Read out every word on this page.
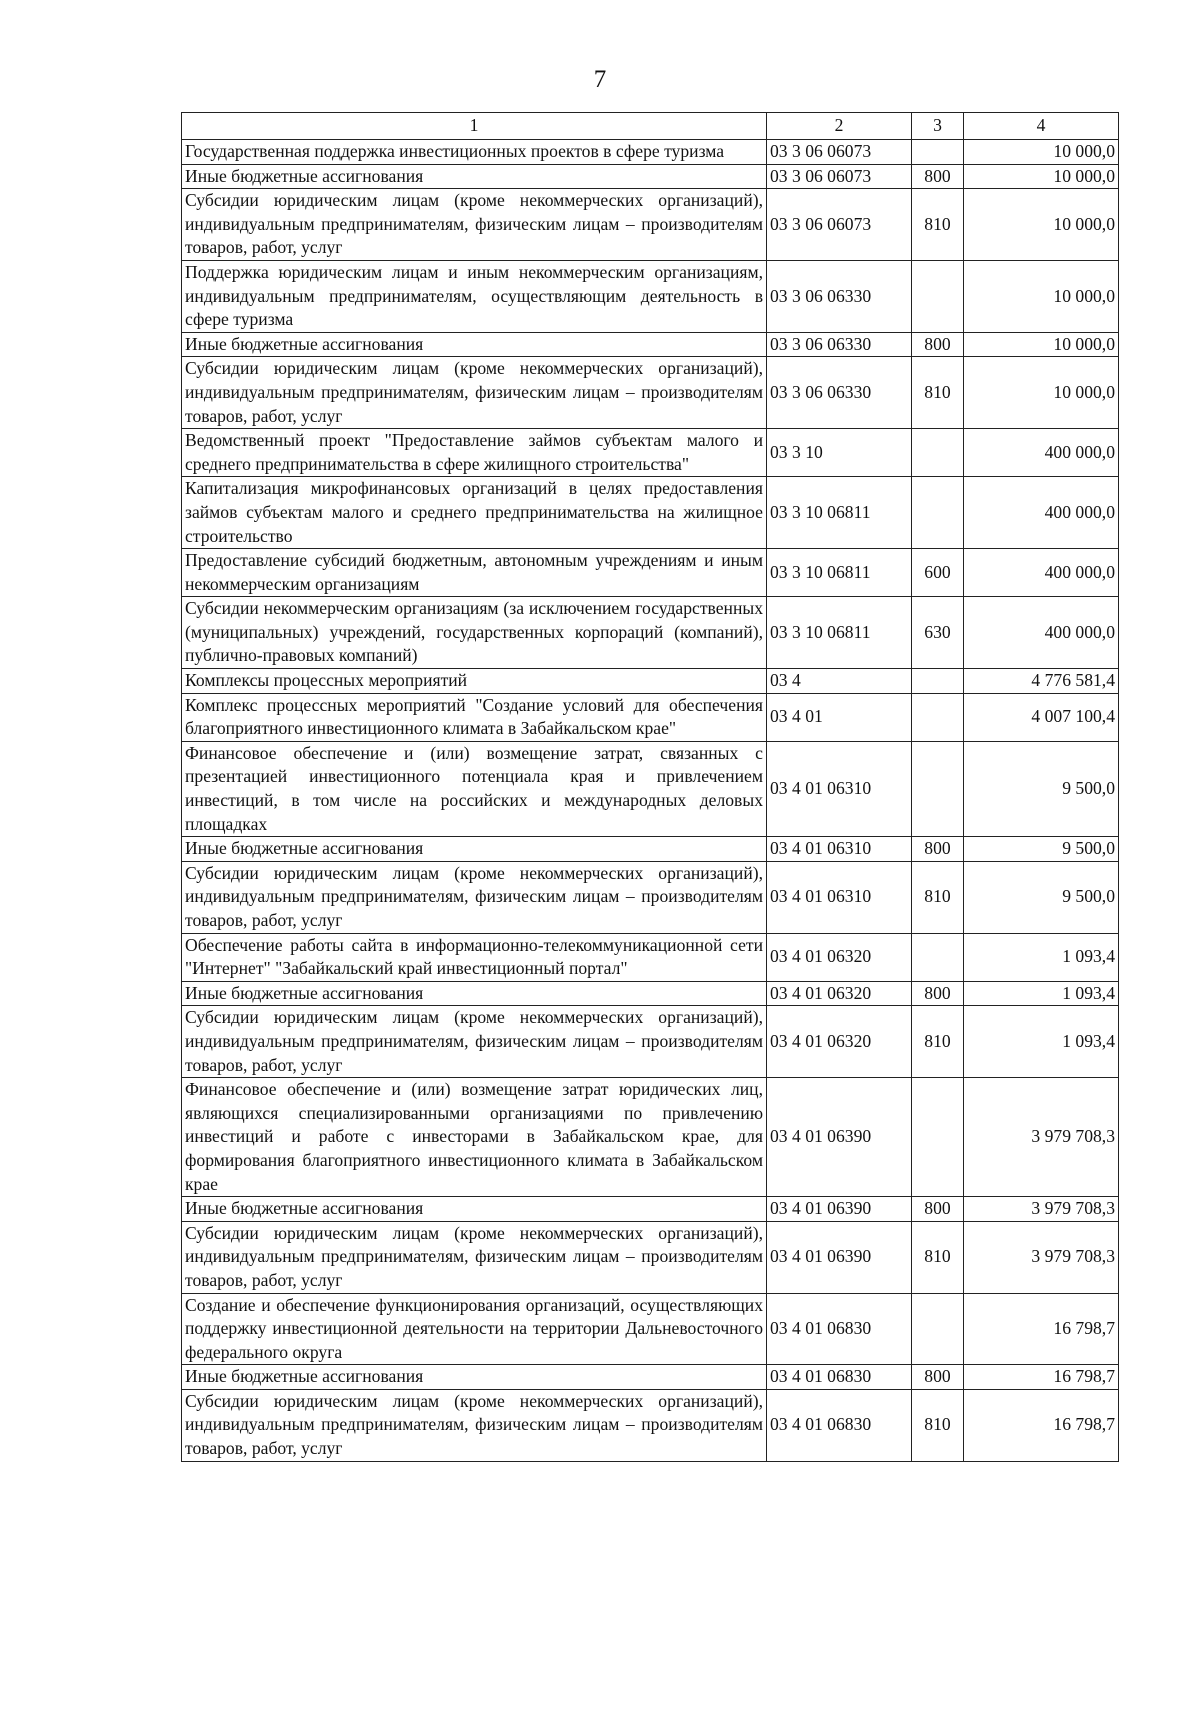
7
1	2	3	4
Государственная поддержка инвестиционных проектов в сфере туризма	03 3 06 06073		10 000,0
Иные бюджетные ассигнования	03 3 06 06073	800	10 000,0
Субсидии юридическим лицам (кроме некоммерческих организаций), индивидуальным предпринимателям, физическим лицам – производителям товаров, работ, услуг	03 3 06 06073	810	10 000,0
Поддержка юридическим лицам и иным некоммерческим организациям, индивидуальным предпринимателям, осуществляющим деятельность в сфере туризма	03 3 06 06330		10 000,0
Иные бюджетные ассигнования	03 3 06 06330	800	10 000,0
Субсидии юридическим лицам (кроме некоммерческих организаций), индивидуальным предпринимателям, физическим лицам – производителям товаров, работ, услуг	03 3 06 06330	810	10 000,0
Ведомственный проект "Предоставление займов субъектам малого и среднего предпринимательства в сфере жилищного строительства"	03 3 10		400 000,0
Капитализация микрофинансовых организаций в целях предоставления займов субъектам малого и среднего предпринимательства на жилищное строительство	03 3 10 06811		400 000,0
Предоставление субсидий бюджетным, автономным учреждениям и иным некоммерческим организациям	03 3 10 06811	600	400 000,0
Субсидии некоммерческим организациям (за исключением государственных (муниципальных) учреждений, государственных корпораций (компаний), публично-правовых компаний)	03 3 10 06811	630	400 000,0
Комплексы процессных мероприятий	03 4		4 776 581,4
Комплекс процессных мероприятий "Создание условий для обеспечения благоприятного инвестиционного климата в Забайкальском крае"	03 4 01		4 007 100,4
Финансовое обеспечение и (или) возмещение затрат, связанных с презентацией инвестиционного потенциала края и привлечением инвестиций, в том числе на российских и международных деловых площадках	03 4 01 06310		9 500,0
Иные бюджетные ассигнования	03 4 01 06310	800	9 500,0
Субсидии юридическим лицам (кроме некоммерческих организаций), индивидуальным предпринимателям, физическим лицам – производителям товаров, работ, услуг	03 4 01 06310	810	9 500,0
Обеспечение работы сайта в информационно-телекоммуникационной сети "Интернет" "Забайкальский край инвестиционный портал"	03 4 01 06320		1 093,4
Иные бюджетные ассигнования	03 4 01 06320	800	1 093,4
Субсидии юридическим лицам (кроме некоммерческих организаций), индивидуальным предпринимателям, физическим лицам – производителям товаров, работ, услуг	03 4 01 06320	810	1 093,4
Финансовое обеспечение и (или) возмещение затрат юридических лиц, являющихся специализированными организациями по привлечению инвестиций и работе с инвесторами в Забайкальском крае, для формирования благоприятного инвестиционного климата в Забайкальском крае	03 4 01 06390		3 979 708,3
Иные бюджетные ассигнования	03 4 01 06390	800	3 979 708,3
Субсидии юридическим лицам (кроме некоммерческих организаций), индивидуальным предпринимателям, физическим лицам – производителям товаров, работ, услуг	03 4 01 06390	810	3 979 708,3
Создание и обеспечение функционирования организаций, осуществляющих поддержку инвестиционной деятельности на территории Дальневосточного федерального округа	03 4 01 06830		16 798,7
Иные бюджетные ассигнования	03 4 01 06830	800	16 798,7
Субсидии юридическим лицам (кроме некоммерческих организаций), индивидуальным предпринимателям, физическим лицам – производителям товаров, работ, услуг	03 4 01 06830	810	16 798,7
